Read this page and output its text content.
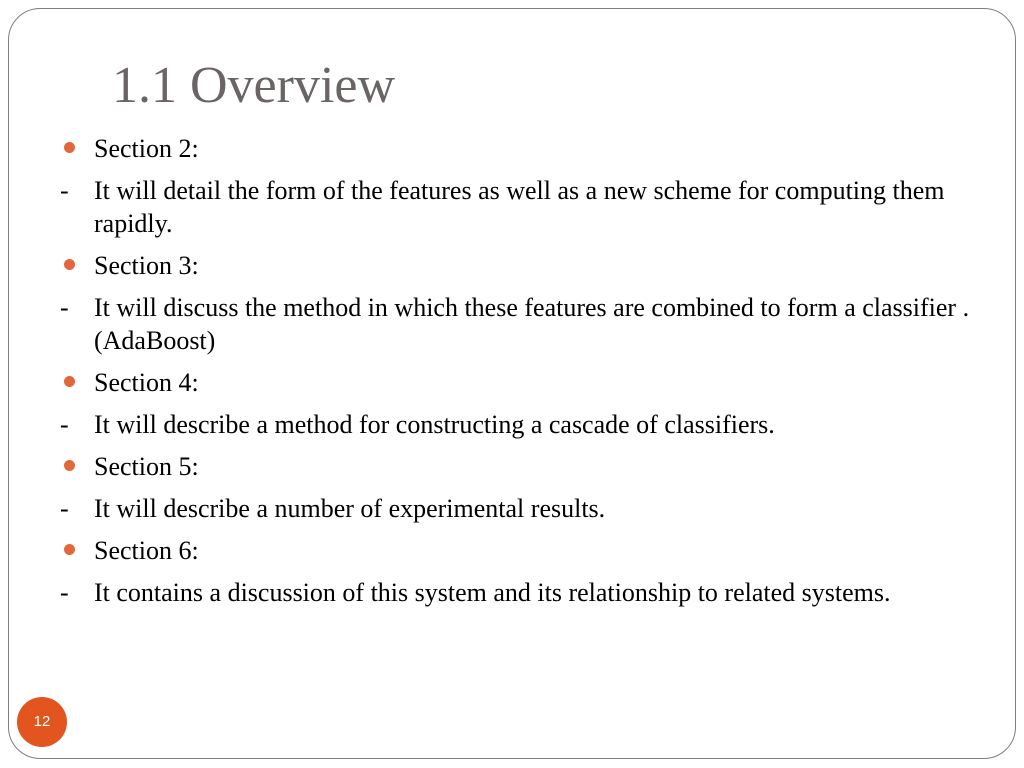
1.1 Overview
Section 2:
- It will detail the form of the features as well as a new scheme for computing them rapidly.
Section 3:
- It will discuss the method in which these features are combined to form a classifier .(AdaBoost)
Section 4:
- It will describe a method for constructing a cascade of classifiers.
Section 5:
- It will describe a number of experimental results.
Section 6:
- It contains a discussion of this system and its relationship to related systems.
12
